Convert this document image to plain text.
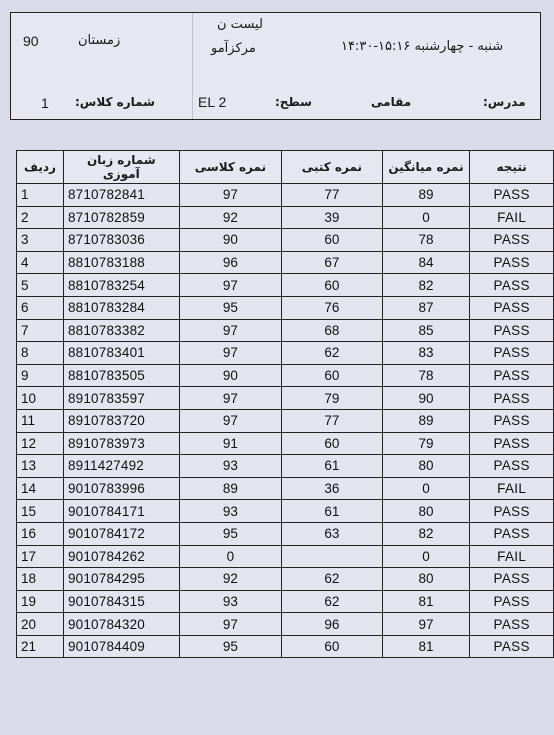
90	زمستان
لیست ن
مرکزآمو	شنبه - چهارشنبه ۱۵:۱۶-۱۴:۳۰
1 شماره کلاس:	EL 2	سطح:	مقامی	مدرس:
ردیف	شماره زبان آموزی	نمره کلاسی	نمره کتبی	نمره میانگین	نتیجه
1	8710782841	97	77	89	PASS
2	8710782859	92	39	0	FAIL
3	8710783036	90	60	78	PASS
4	8810783188	96	67	84	PASS
5	8810783254	97	60	82	PASS
6	8810783284	95	76	87	PASS
7	8810783382	97	68	85	PASS
8	8810783401	97	62	83	PASS
9	8810783505	90	60	78	PASS
10	8910783597	97	79	90	PASS
11	8910783720	97	77	89	PASS
12	8910783973	91	60	79	PASS
13	8911427492	93	61	80	PASS
14	9010783996	89	36	0	FAIL
15	9010784171	93	61	80	PASS
16	9010784172	95	63	82	PASS
17	9010784262	0		0	FAIL
18	9010784295	92	62	80	PASS
19	9010784315	93	62	81	PASS
20	9010784320	97	96	97	PASS
21	9010784409	95	60	81	PASS
